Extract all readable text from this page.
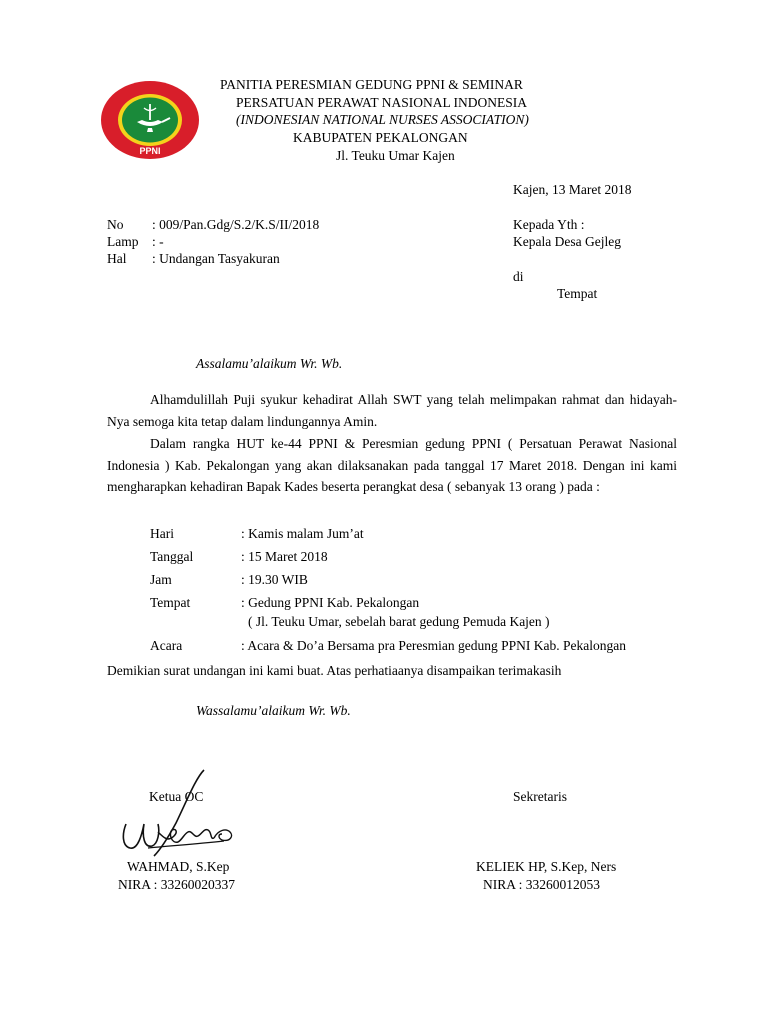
PPNI
PANITIA PERESMIAN GEDUNG PPNI & SEMINAR
PERSATUAN PERAWAT NASIONAL INDONESIA
(INDONESIAN NATIONAL NURSES ASSOCIATION)
KABUPATEN PEKALONGAN
Jl. Teuku Umar Kajen
Kajen, 13 Maret 2018
No : 009/Pan.Gdg/S.2/K.S/II/2018
Lamp : -
Hal : Undangan Tasyakuran
Kepada Yth :
Kepala Desa Gejleg
di
Tempat
Assalamu’alaikum Wr. Wb.
Alhamdulillah Puji syukur kehadirat Allah SWT yang telah melimpakan rahmat dan hidayah-Nya semoga kita tetap dalam lindungannya Amin.
Dalam rangka HUT ke-44 PPNI & Peresmian gedung PPNI ( Persatuan Perawat Nasional Indonesia ) Kab. Pekalongan yang akan dilaksanakan pada tanggal 17 Maret 2018. Dengan ini kami mengharapkan kehadiran Bapak Kades beserta perangkat desa ( sebanyak 13 orang ) pada :
Hari	: Kamis malam Jum’at
Tanggal	: 15 Maret 2018
Jam	: 19.30 WIB
Tempat	: Gedung PPNI Kab. Pekalongan
( Jl. Teuku Umar, sebelah barat gedung Pemuda Kajen )
Acara	: Acara & Do’a Bersama pra Peresmian gedung PPNI Kab. Pekalongan
Demikian surat undangan ini kami buat. Atas perhatiaanya disampaikan terimakasih
Wassalamu’alaikum Wr. Wb.
Ketua OC
WAHMAD, S.Kep
NIRA : 33260020337
Sekretaris
KELIEK HP, S.Kep, Ners
NIRA : 33260012053
